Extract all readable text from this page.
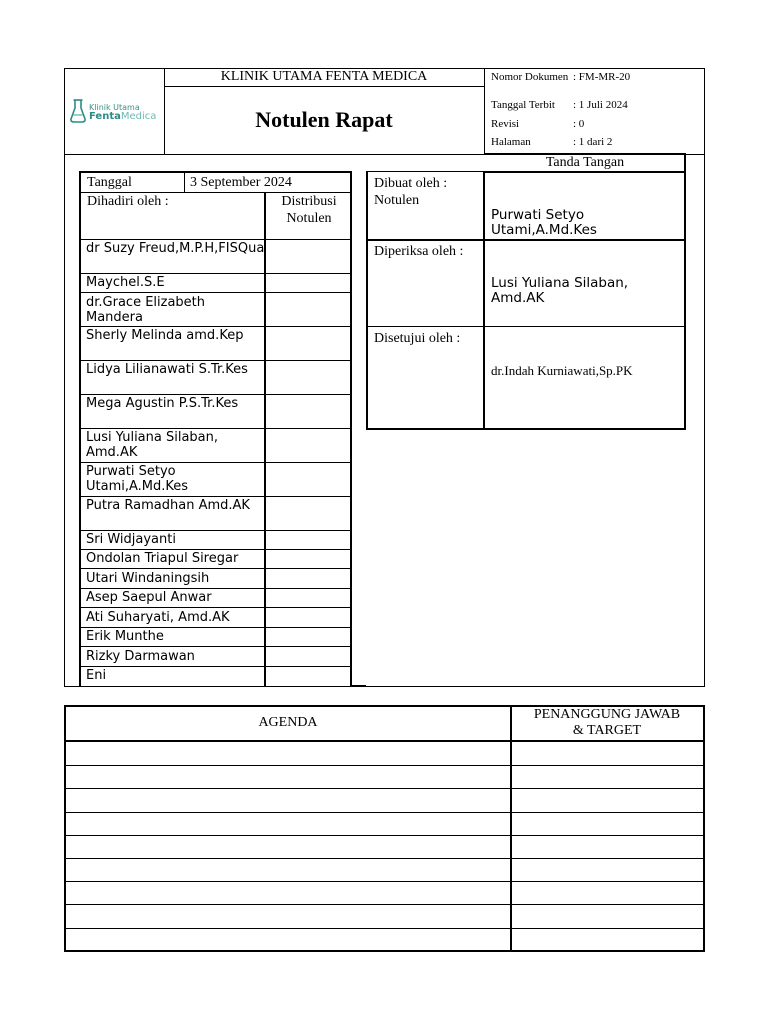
Klinik Utama
FentaMedica
KLINIK UTAMA FENTA MEDICA
Notulen Rapat
Nomor Dokumen : FM-MR-20
Tanggal Terbit : 1 Juli 2024
Revisi	: 0
Halaman	: 1 dari 2
Tanggal	3 September 2024
Dihadiri oleh :	Distribusi Notulen
dr Suzy Freud,M.P.H,FISQua
Maychel.S.E
dr.Grace Elizabeth Mandera
Sherly Melinda amd.Kep
Lidya Lilianawati S.Tr.Kes
Mega Agustin P.S.Tr.Kes
Lusi Yuliana Silaban, Amd.AK
Purwati Setyo Utami,A.Md.Kes
Putra Ramadhan Amd.AK
Sri Widjayanti
Ondolan Triapul Siregar
Utari Windaningsih
Asep Saepul Anwar
Ati Suharyati, Amd.AK
Erik Munthe
Rizky Darmawan
Eni
Tanda Tangan
Dibuat oleh : Notulen
Purwati Setyo Utami,A.Md.Kes
Diperiksa oleh :
Lusi Yuliana Silaban, Amd.AK
Disetujui oleh :
dr.Indah Kurniawati,Sp.PK
AGENDA
PENANGGUNG JAWAB & TARGET
